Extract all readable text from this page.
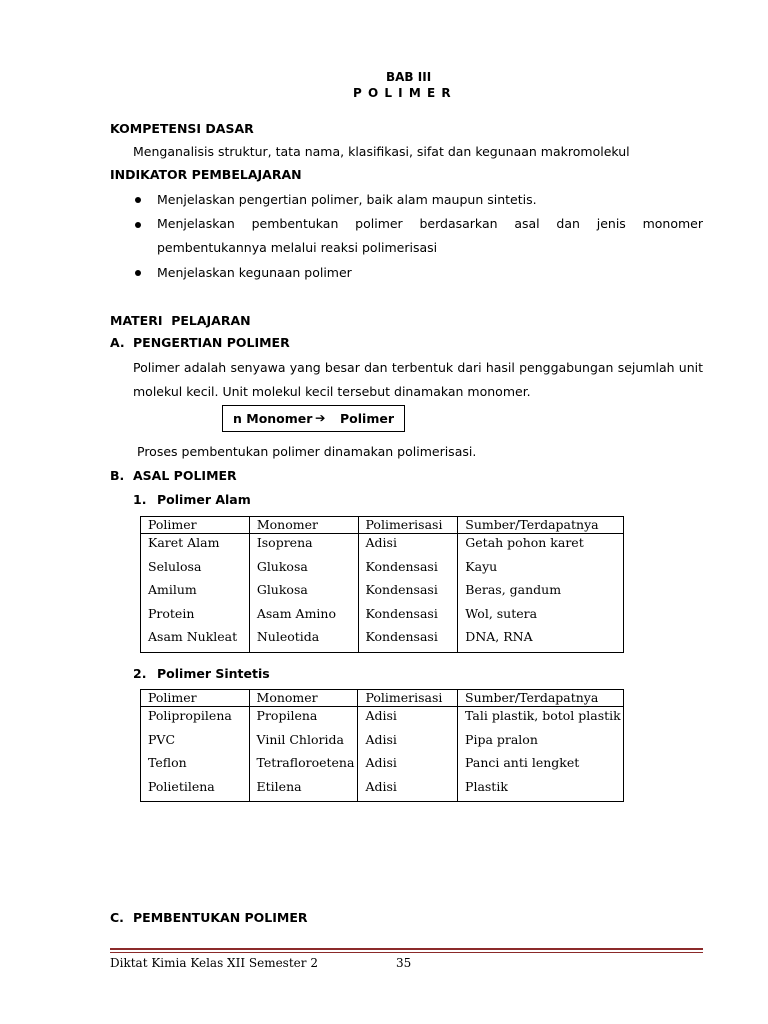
BAB III
P O L I M E R
KOMPETENSI DASAR
Menganalisis struktur, tata nama, klasifikasi, sifat dan kegunaan makromolekul
INDIKATOR PEMBELAJARAN
Menjelaskan pengertian polimer, baik alam maupun sintetis.
Menjelaskan pembentukan polimer berdasarkan asal dan jenis monomer
pembentukannya melalui reaksi polimerisasi
Menjelaskan kegunaan polimer
MATERI  PELAJARAN
A. PENGERTIAN POLIMER
Polimer adalah senyawa yang besar dan terbentuk dari hasil penggabungan sejumlah unit
molekul kecil. Unit molekul kecil tersebut dinamakan monomer.
n Monomer ➔ Polimer
Proses pembentukan polimer dinamakan polimerisasi.
B. ASAL POLIMER
1. Polimer Alam
Polimer	Monomer	Polimerisasi	Sumber/Terdapatnya
Karet Alam	Isoprena	Adisi	Getah pohon karet
Selulosa	Glukosa	Kondensasi	Kayu
Amilum	Glukosa	Kondensasi	Beras, gandum
Protein	Asam Amino	Kondensasi	Wol, sutera
Asam Nukleat	Nuleotida	Kondensasi	DNA, RNA
2. Polimer Sintetis
Polimer	Monomer	Polimerisasi	Sumber/Terdapatnya
Polipropilena	Propilena	Adisi	Tali plastik, botol plastik
PVC	Vinil Chlorida	Adisi	Pipa pralon
Teflon	Tetrafloroetena	Adisi	Panci anti lengket
Polietilena	Etilena	Adisi	Plastik
C. PEMBENTUKAN POLIMER
Diktat Kimia Kelas XII Semester 2	35
